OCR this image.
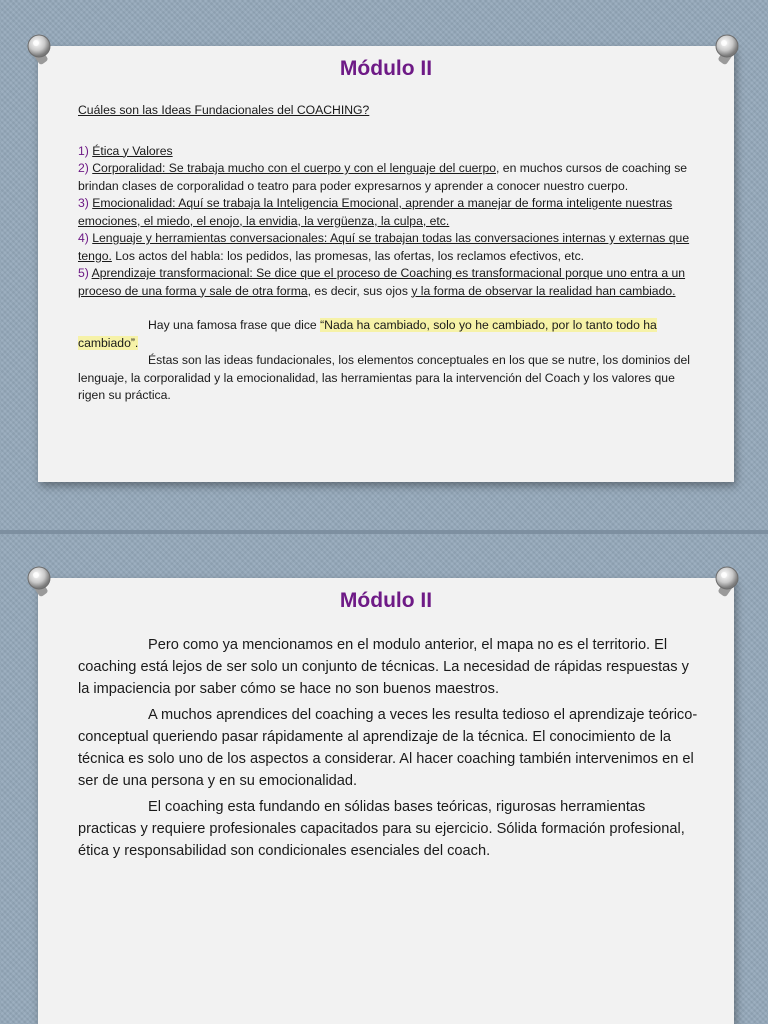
Módulo II
Cuáles son las Ideas Fundacionales del COACHING?

1) Ética y Valores

2) Corporalidad: Se trabaja mucho con el cuerpo y con el lenguaje del cuerpo, en muchos cursos de coaching se brindan clases de corporalidad o teatro para poder expresarnos y aprender a conocer nuestro cuerpo.

3) Emocionalidad: Aquí se trabaja la Inteligencia Emocional, aprender a manejar de forma inteligente nuestras emociones, el miedo, el enojo, la envidia, la vergüenza, la culpa, etc.

4) Lenguaje y herramientas conversacionales: Aquí se trabajan todas las conversaciones internas y externas que tengo. Los actos del habla: los pedidos, las promesas, las ofertas, los reclamos efectivos, etc.

5) Aprendizaje transformacional: Se dice que el proceso de Coaching es transformacional porque uno entra a un proceso de una forma y sale de otra forma, es decir, sus ojos y la forma de observar la realidad han cambiado.

Hay una famosa frase que dice “Nada ha cambiado, solo yo he cambiado, por lo tanto todo ha cambiado”.

Éstas son las ideas fundacionales, los elementos conceptuales en los que se nutre, los dominios del lenguaje, la corporalidad y la emocionalidad, las herramientas para la intervención del Coach y los valores que rigen su práctica.

Módulo II

Pero como ya mencionamos en el modulo anterior, el mapa no es el territorio. El coaching está lejos de ser solo un conjunto de técnicas. La necesidad de rápidas respuestas y la impaciencia por saber cómo se hace no son buenos maestros.

A muchos aprendices del coaching a veces les resulta tedioso el aprendizaje teórico-conceptual queriendo pasar rápidamente al aprendizaje de la técnica. El conocimiento de la técnica es solo uno de los aspectos a considerar. Al hacer coaching también intervenimos en el ser de una persona y en su emocionalidad.

El coaching esta fundando en sólidas bases teóricas, rigurosas herramientas practicas y requiere profesionales capacitados para su ejercicio. Sólida formación profesional, ética y responsabilidad son condicionales esenciales del coach.
